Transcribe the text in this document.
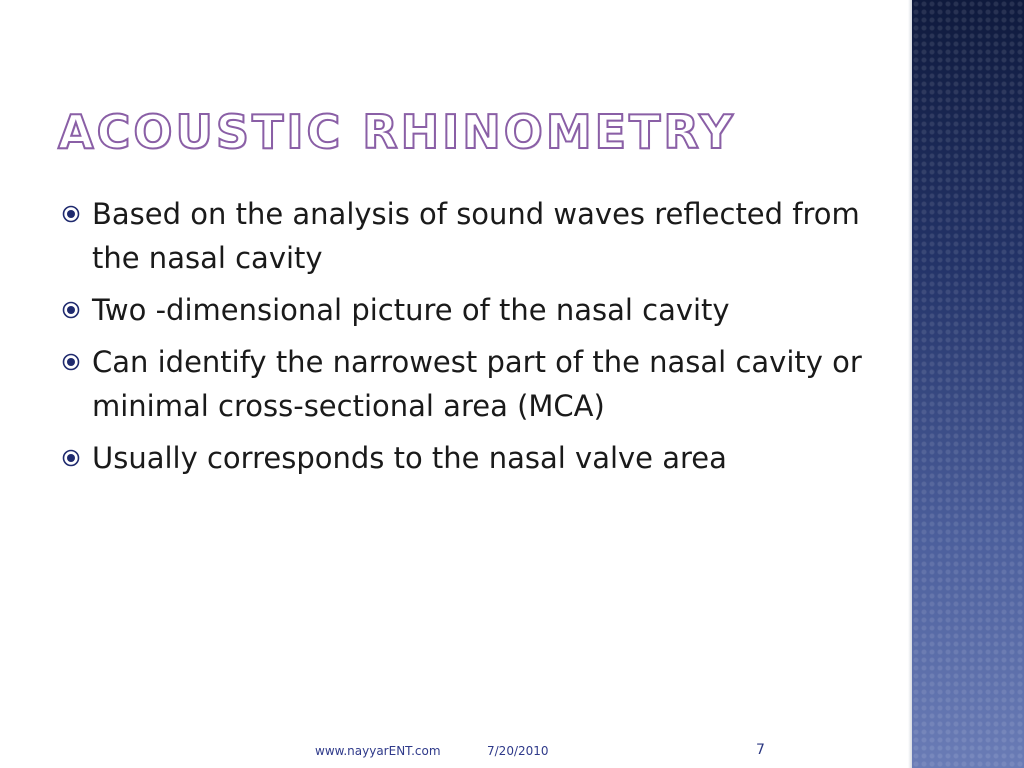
ACOUSTIC RHINOMETRY
Based on the analysis of sound waves reflected from the nasal cavity
Two -dimensional picture of the nasal cavity
Can identify the narrowest part of the nasal cavity or minimal cross-sectional area (MCA)
Usually corresponds to the nasal valve area
www.nayyarENT.com	7/20/2010	7
